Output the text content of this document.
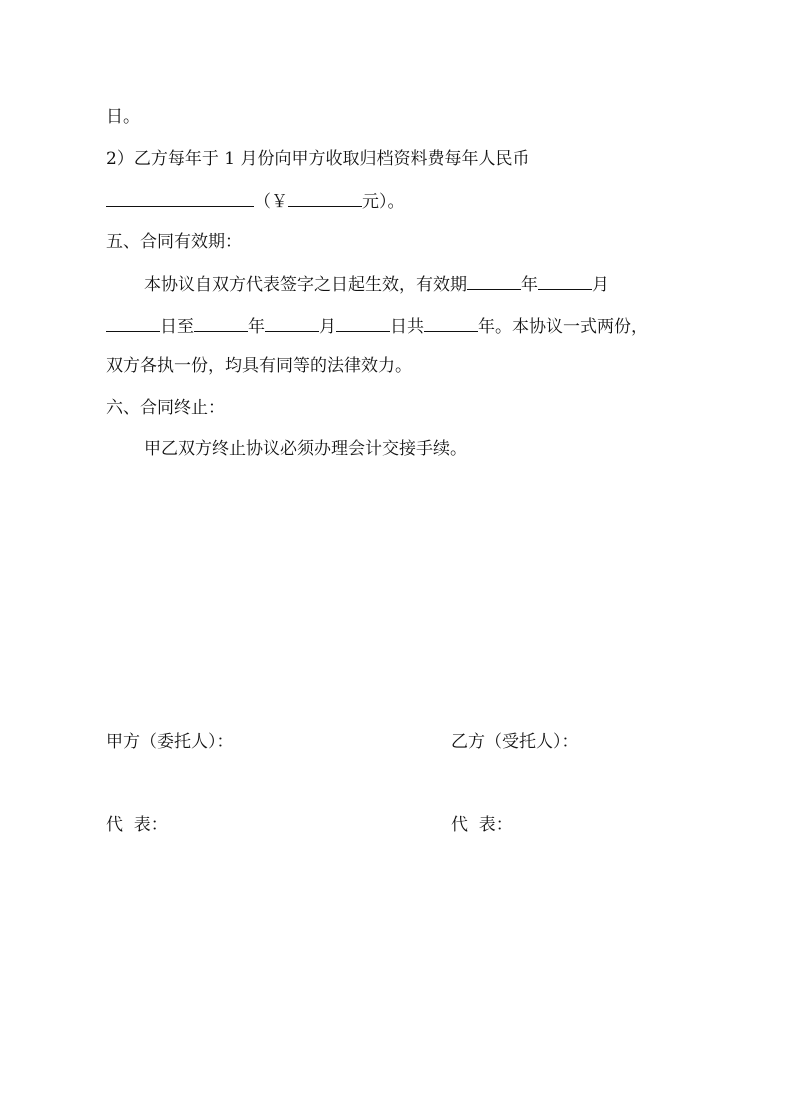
日。
2）乙方每年于 1 月份向甲方收取归档资料费每年人民币
（￥	元）。
五、合同有效期：
本协议自双方代表签字之日起生效，有效期	年	月
日至	年	月	日共	年。本协议一式两份，
双方各执一份，均具有同等的法律效力。
六、合同终止：
甲乙双方终止协议必须办理会计交接手续。
甲方（委托人）：	乙方（受托人）：
代  表：	代  表：
